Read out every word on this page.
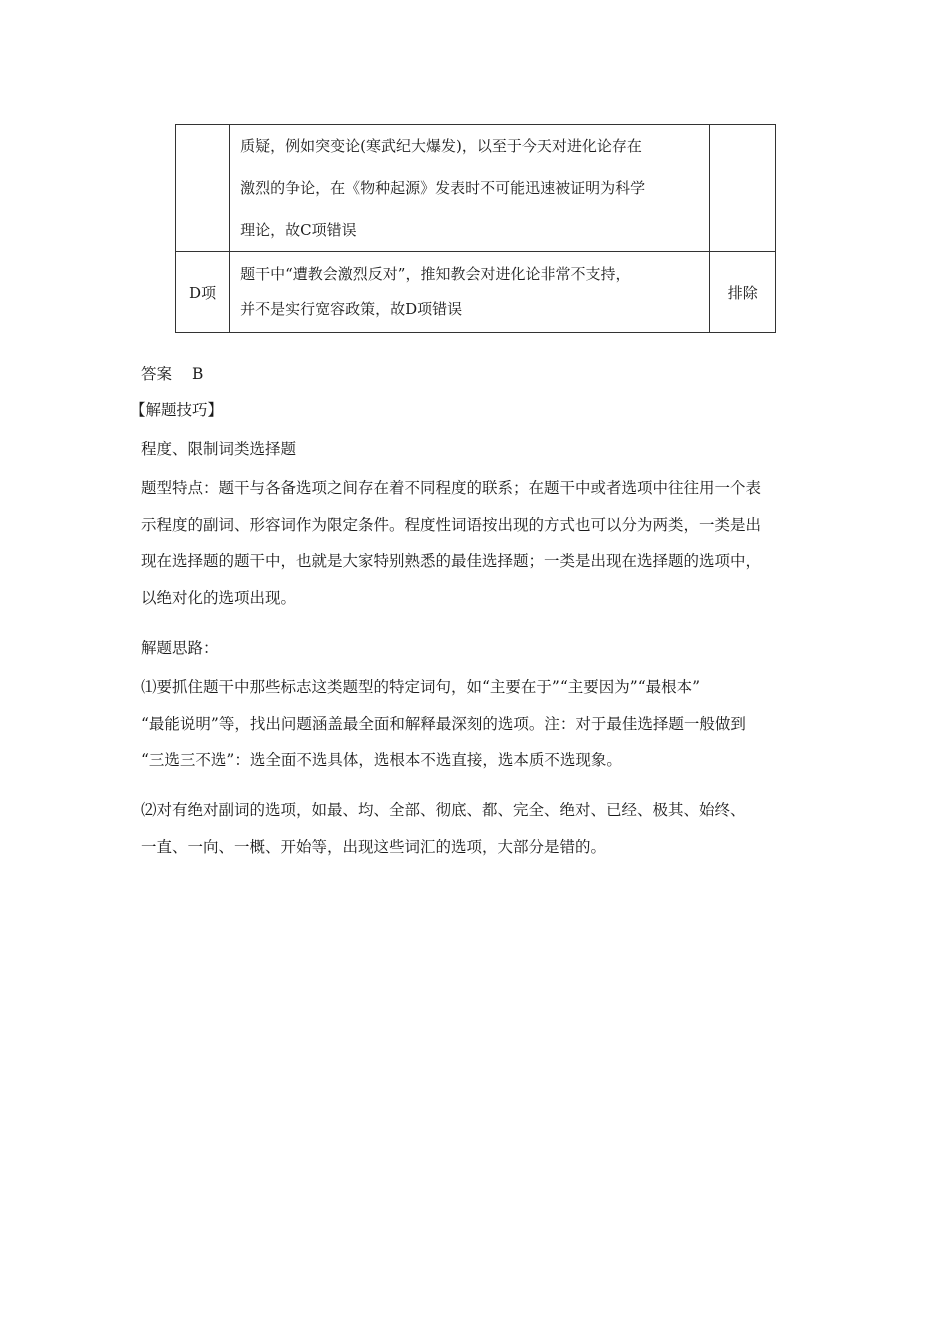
	质疑，例如突变论(寒武纪大爆发)，以至于今天对进化论存在

激烈的争论，在《物种起源》发表时不可能迅速被证明为科学

理论，故C项错误	

D项	题干中“遭教会激烈反对”，推知教会对进化论非常不支持，

并不是实行宽容政策，故D项错误	排除
答案 B
【解题技巧】
程度、限制词类选择题

题型特点：题干与各备选项之间存在着不同程度的联系；在题干中或者选项中往往用一个表

示程度的副词、形容词作为限定条件。程度性词语按出现的方式也可以分为两类，一类是出

现在选择题的题干中，也就是大家特别熟悉的最佳选择题；一类是出现在选择题的选项中，

以绝对化的选项出现。

解题思路：

⑴要抓住题干中那些标志这类题型的特定词句，如“主要在于”“主要因为”“最根本”

“最能说明”等，找出问题涵盖最全面和解释最深刻的选项。注：对于最佳选择题一般做到

“三选三不选”：选全面不选具体，选根本不选直接，选本质不选现象。

⑵对有绝对副词的选项，如最、均、全部、彻底、都、完全、绝对、已经、极其、始终、

一直、一向、一概、开始等，出现这些词汇的选项，大部分是错的。
